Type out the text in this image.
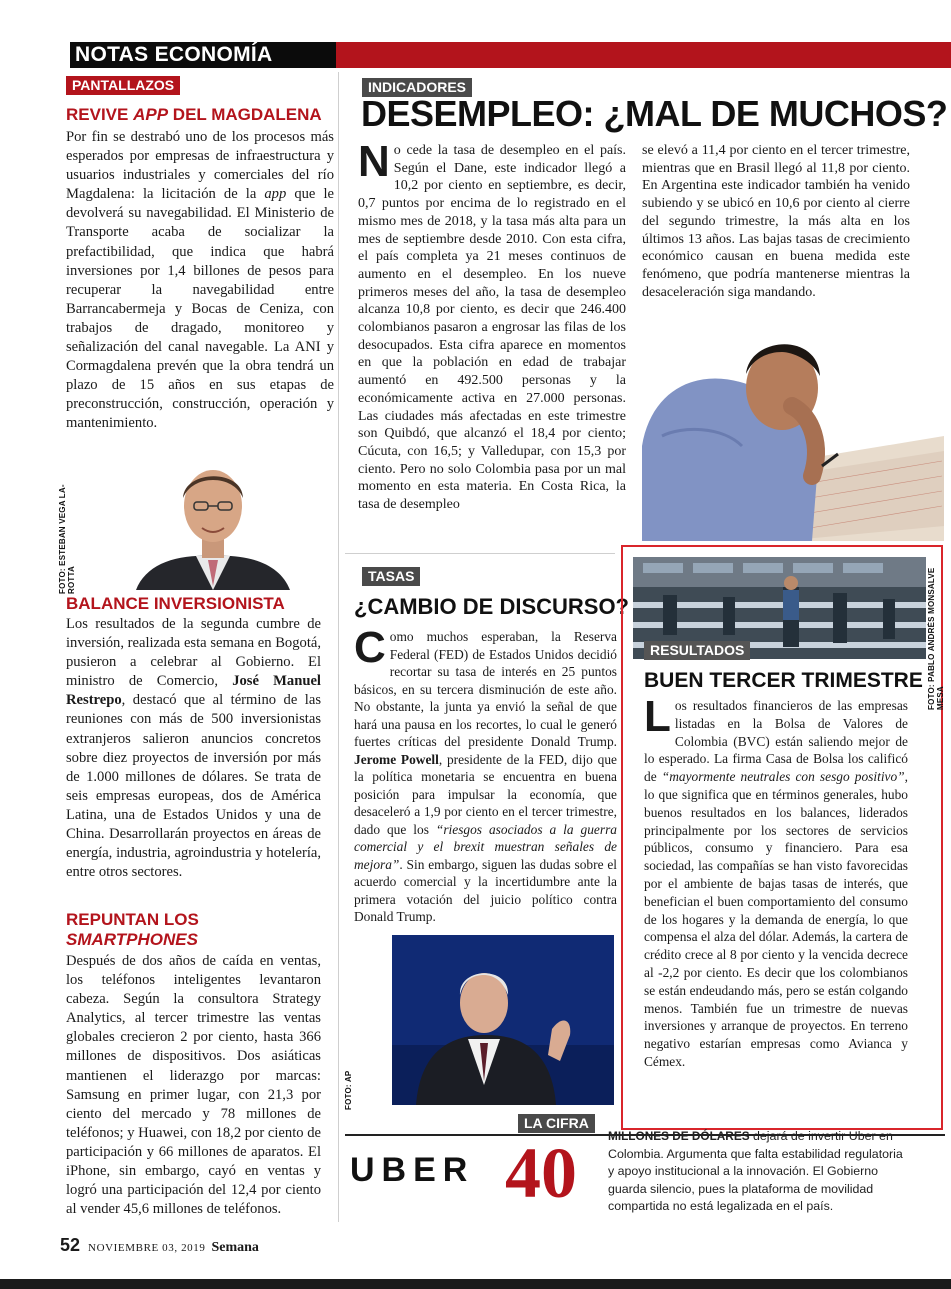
NOTAS ECONOMÍA
PANTALLAZOS
REVIVE APP DEL MAGDALENA
Por fin se destrabó uno de los procesos más esperados por empresas de infraestructura y usuarios industriales y comerciales del río Magdalena: la licitación de la app que le devolverá su navegabilidad. El Ministerio de Transporte acaba de socializar la prefactibilidad, que indica que habrá inversiones por 1,4 billones de pesos para recuperar la navegabilidad entre Barrancabermeja y Bocas de Ceniza, con trabajos de dragado, monitoreo y señalización del canal navegable. La ANI y Cormagdalena prevén que la obra tendrá un plazo de 15 años en sus etapas de preconstrucción, construcción, operación y mantenimiento.
FOTO: ESTEBAN VEGA LA-ROTTA
BALANCE INVERSIONISTA
Los resultados de la segunda cumbre de inversión, realizada esta semana en Bogotá, pusieron a celebrar al Gobierno. El ministro de Comercio, José Manuel Restrepo, destacó que al término de las reuniones con más de 500 inversionistas extranjeros salieron anuncios concretos sobre diez proyectos de inversión por más de 1.000 millones de dólares. Se trata de seis empresas europeas, dos de América Latina, una de Estados Unidos y una de China. Desarrollarán proyectos en áreas de energía, industria, agroindustria y hotelería, entre otros sectores.
REPUNTAN LOS SMARTPHONES
Después de dos años de caída en ventas, los teléfonos inteligentes levantaron cabeza. Según la consultora Strategy Analytics, al tercer trimestre las ventas globales crecieron 2 por ciento, hasta 366 millones de dispositivos. Dos asiáticas mantienen el liderazgo por marcas: Samsung en primer lugar, con 21,3 por ciento del mercado y 78 millones de teléfonos; y Huawei, con 18,2 por ciento de participación y 66 millones de aparatos. El iPhone, sin embargo, cayó en ventas y logró una participación del 12,4 por ciento al vender 45,6 millones de teléfonos.
INDICADORES
DESEMPLEO: ¿MAL DE MUCHOS?
No cede la tasa de desempleo en el país. Según el Dane, este indicador llegó a 10,2 por ciento en septiembre, es decir, 0,7 puntos por encima de lo registrado en el mismo mes de 2018, y la tasa más alta para un mes de septiembre desde 2010. Con esta cifra, el país completa ya 21 meses continuos de aumento en el desempleo. En los nueve primeros meses del año, la tasa de desempleo alcanza 10,8 por ciento, es decir que 246.400 colombianos pasaron a engrosar las filas de los desocupados. Esta cifra aparece en momentos en que la población en edad de trabajar aumentó en 492.500 personas y la económicamente activa en 27.000 personas. Las ciudades más afectadas en este trimestre son Quibdó, que alcanzó el 18,4 por ciento; Cúcuta, con 16,5; y Valledupar, con 15,3 por ciento. Pero no solo Colombia pasa por un mal momento en esta materia. En Costa Rica, la tasa de desempleo
se elevó a 11,4 por ciento en el tercer trimestre, mientras que en Brasil llegó al 11,8 por ciento. En Argentina este indicador también ha venido subiendo y se ubicó en 10,6 por ciento al cierre del segundo trimestre, la más alta en los últimos 13 años. Las bajas tasas de crecimiento económico causan en buena medida este fenómeno, que podría mantenerse mientras la desaceleración siga mandando.
TASAS
¿CAMBIO DE DISCURSO?
Como muchos esperaban, la Reserva Federal (FED) de Estados Unidos decidió recortar su tasa de interés en 25 puntos básicos, en su tercera disminución de este año. No obstante, la junta ya envió la señal de que hará una pausa en los recortes, lo cual le generó fuertes críticas del presidente Donald Trump. Jerome Powell, presidente de la FED, dijo que la política monetaria se encuentra en buena posición para impulsar la economía, que desaceleró a 1,9 por ciento en el tercer trimestre, dado que los “riesgos asociados a la guerra comercial y el brexit muestran señales de mejora”. Sin embargo, siguen las dudas sobre el acuerdo comercial y la incertidumbre ante la primera votación del juicio político contra Donald Trump.
FOTO: AP
RESULTADOS
BUEN TERCER TRIMESTRE
Los resultados financieros de las empresas listadas en la Bolsa de Valores de Colombia (BVC) están saliendo mejor de lo esperado. La firma Casa de Bolsa los calificó de “mayormente neutrales con sesgo positivo”, lo que significa que en términos generales, hubo buenos resultados en los balances, liderados principalmente por los sectores de servicios públicos, consumo y financiero. Para esa sociedad, las compañías se han visto favorecidas por el ambiente de bajas tasas de interés, que benefician el buen comportamiento del consumo de los hogares y la demanda de energía, lo que compensa el alza del dólar. Además, la cartera de crédito crece al 8 por ciento y la vencida decrece al -2,2 por ciento. Es decir que los colombianos se están endeudando más, pero se están colgando menos. También fue un trimestre de nuevas inversiones y arranque de proyectos. En terreno negativo estarían empresas como Avianca y Cémex.
FOTO: PABLO ANDRÉS MONSALVE MESA
LA CIFRA
UBER 40	MILLONES DE DÓLARES dejará de invertir Uber en Colombia. Argumenta que falta estabilidad regulatoria y apoyo institucional a la innovación. El Gobierno guarda silencio, pues la plataforma de movilidad compartida no está legalizada en el país.
52 NOVIEMBRE 03, 2019 Semana
